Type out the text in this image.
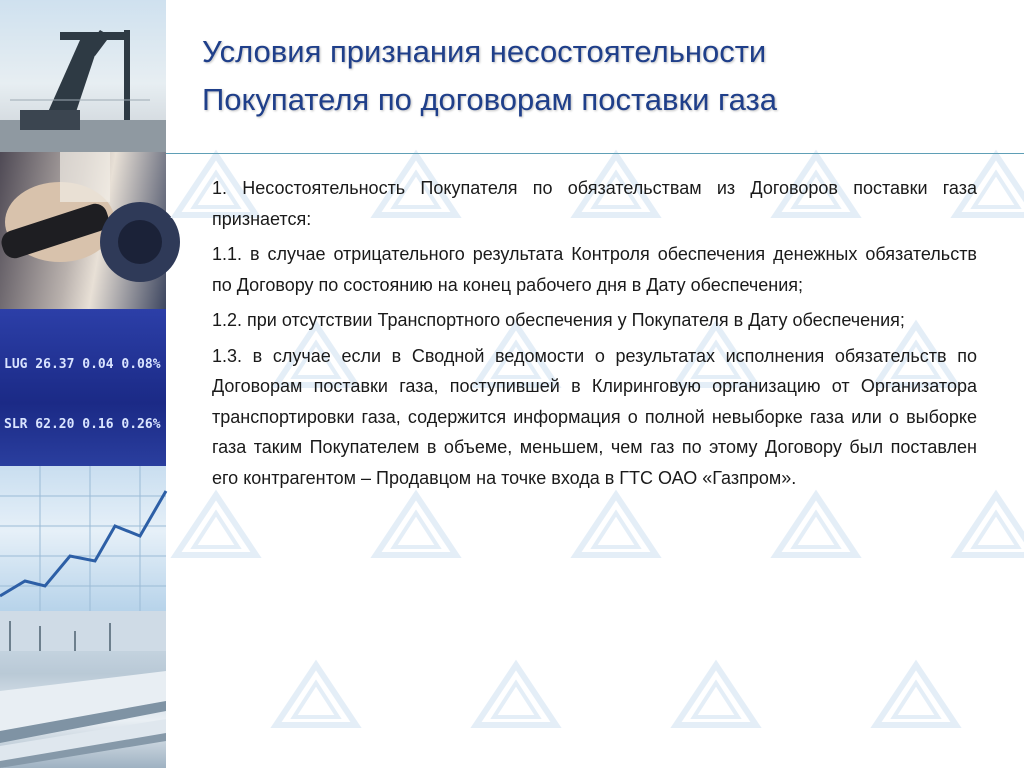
LUG 26.37 0.04 0.08%

SLR 62.20 0.16 0.26%

Условия признания несостоятельности
Покупателя по договорам поставки газа

1. Несостоятельность Покупателя по обязательствам из Договоров поставки газа признается:

1.1. в случае отрицательного результата Контроля обеспечения денежных обязательств по Договору по состоянию на конец рабочего дня в Дату обеспечения;

1.2. при отсутствии Транспортного обеспечения у Покупателя в Дату обеспечения;

1.3. в случае если в Сводной ведомости о результатах исполнения обязательств по Договорам поставки газа, поступившей в Клиринговую организацию от Организатора транспортировки газа, содержится информация о полной невыборке газа или о выборке газа таким Покупателем в объеме, меньшем, чем газ по этому Договору был поставлен его контрагентом – Продавцом на точке входа в ГТС ОАО «Газпром».
